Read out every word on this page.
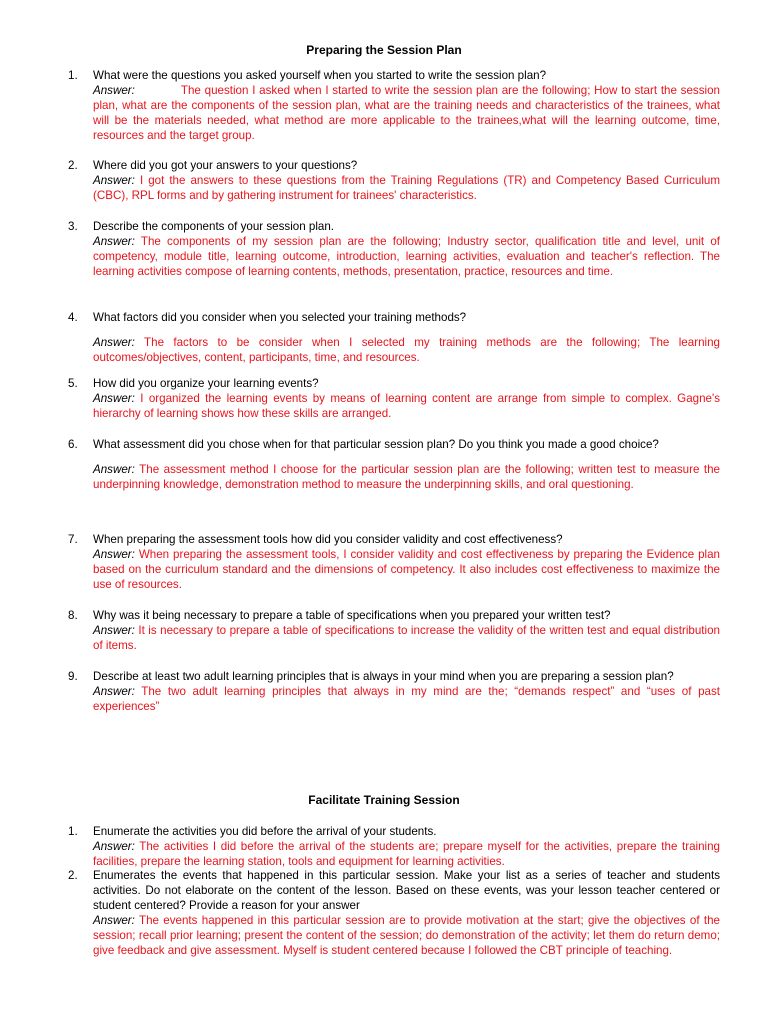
Preparing the Session Plan
1. What were the questions you asked yourself when you started to write the session plan?
Answer:	The question I asked when I started to write the session plan are the following; How to start the session plan, what are the components of the session plan, what are the training needs and characteristics of the trainees, what will be the materials needed, what method are more applicable to the trainees,what will the learning outcome, time, resources and the target group.
2. Where did you got your answers to your questions?
Answer: I got the answers to these questions from the Training Regulations (TR) and Competency Based Curriculum (CBC), RPL forms and by gathering instrument for trainees' characteristics.
3. Describe the components of your session plan.
Answer: The components of my session plan are the following; Industry sector, qualification title and level, unit of competency, module title, learning outcome, introduction, learning activities, evaluation and teacher's reflection. The learning activities compose of learning contents, methods, presentation, practice, resources and time.
4. What factors did you consider when you selected your training methods?
Answer: The factors to be consider when I selected my training methods are the following; The learning outcomes/objectives, content, participants, time, and resources.
5. How did you organize your learning events?
Answer: I organized the learning events by means of learning content are arrange from simple to complex. Gagne's hierarchy of learning shows how these skills are arranged.
6. What assessment did you chose when for that particular session plan? Do you think you made a good choice?
Answer: The assessment method I choose for the particular session plan are the following; written test to measure the underpinning knowledge, demonstration method to measure the underpinning skills, and oral questioning.
7. When preparing the assessment tools how did you consider validity and cost effectiveness?
Answer: When preparing the assessment tools, I consider validity and cost effectiveness by preparing the Evidence plan based on the curriculum standard and the dimensions of competency. It also includes cost effectiveness to maximize the use of resources.
8. Why was it being necessary to prepare a table of specifications when you prepared your written test?
Answer: It is necessary to prepare a table of specifications to increase the validity of the written test and equal distribution of items.
9. Describe at least two adult learning principles that is always in your mind when you are preparing a session plan?
Answer: The two adult learning principles that always in my mind are the; “demands respect” and “uses of past experiences”
Facilitate Training Session
1. Enumerate the activities you did before the arrival of your students.
Answer: The activities I did before the arrival of the students are; prepare myself for the activities, prepare the training facilities, prepare the learning station, tools and equipment for learning activities.
2. Enumerates the events that happened in this particular session. Make your list as a series of teacher and students activities. Do not elaborate on the content of the lesson. Based on these events, was your lesson teacher centered or student centered? Provide a reason for your answer
Answer: The events happened in this particular session are to provide motivation at the start; give the objectives of the session; recall prior learning; present the content of the session; do demonstration of the activity; let them do return demo; give feedback and give assessment. Myself is student centered because I followed the CBT principle of teaching.
